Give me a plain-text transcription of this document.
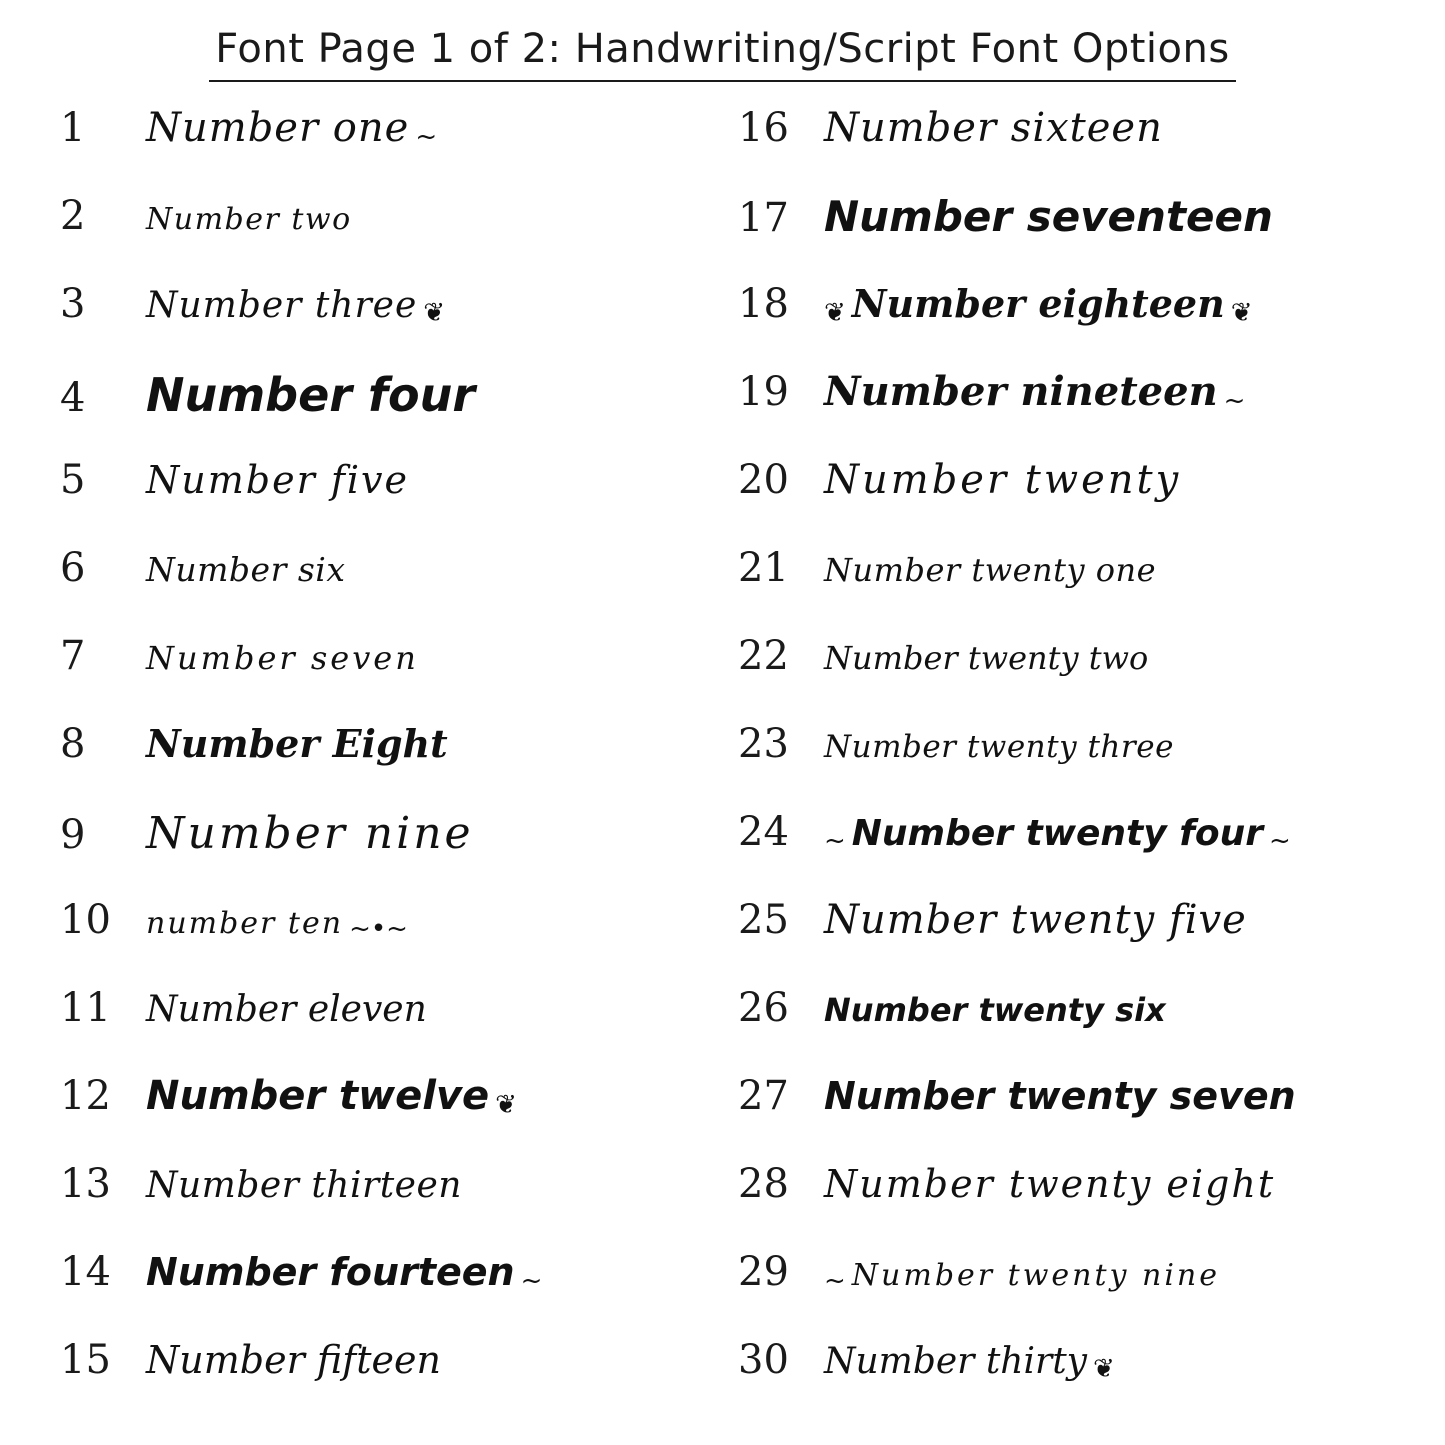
Font Page 1 of 2: Handwriting/Script Font Options
1	Number one ~
2	Number two
3	Number three ❦
4	Number four
5	Number five
6	Number six
7	Number seven
8	Number Eight
9	Number nine
10	number ten ~•~
11 Number eleven
12 Number twelve ❦
13 Number thirteen
14 Number fourteen ~
15 Number fifteen
16 Number sixteen
17 Number seventeen
18	❦ Number eighteen ❦
19 Number nineteen ~
20 Number twenty
21	Number twenty one
22	Number twenty two
23	Number twenty three
24	~ Number twenty four ~
25 Number twenty five
26	Number twenty six
27 Number twenty seven
28 Number twenty eight
29	~ Number twenty nine
30 Number thirty ❦
